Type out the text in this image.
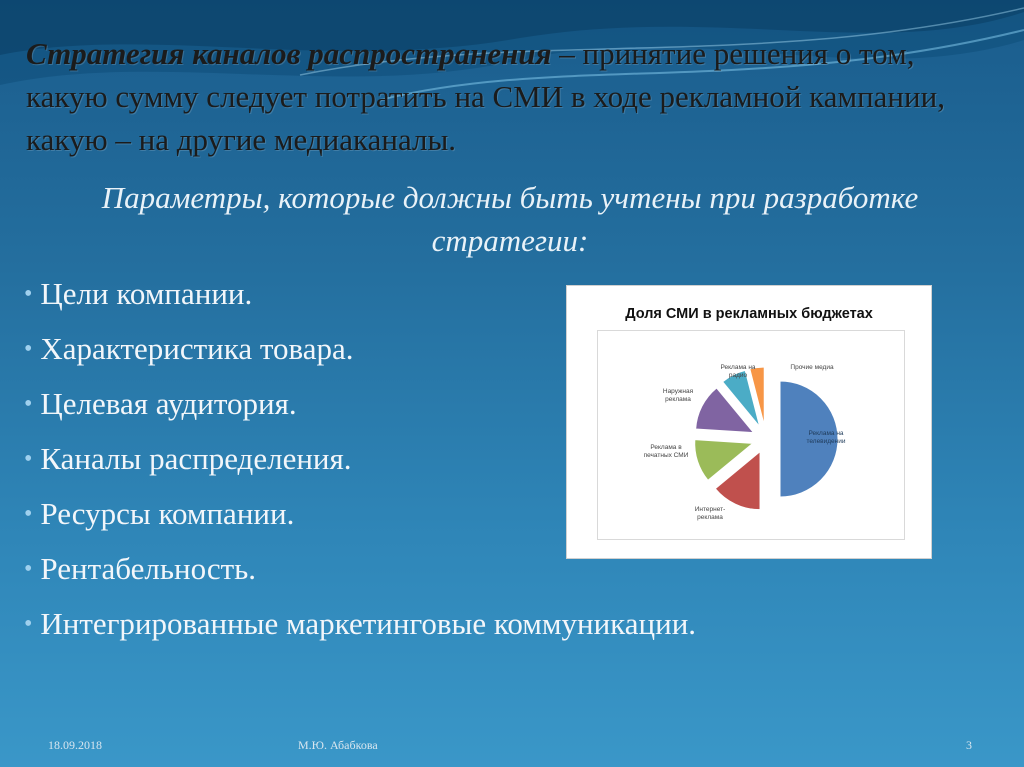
Стратегия каналов распространения – принятие решения о том, какую сумму следует потратить на СМИ в ходе рекламной кампании, какую – на другие медиаканалы.
Параметры, которые должны быть учтены при разработке стратегии:
• Цели компании.
• Характеристика товара.
• Целевая аудитория.
• Каналы распределения.
• Ресурсы компании.
• Рентабельность.
• Интегрированные маркетинговые коммуникации.
Доля СМИ в рекламных бюджетах
Реклама на телевидении
Интернет-реклама
Реклама в печатных СМИ
Наружная реклама
Реклама на радио
Прочие медиа
18.09.2018	М.Ю. Абабкова	3
